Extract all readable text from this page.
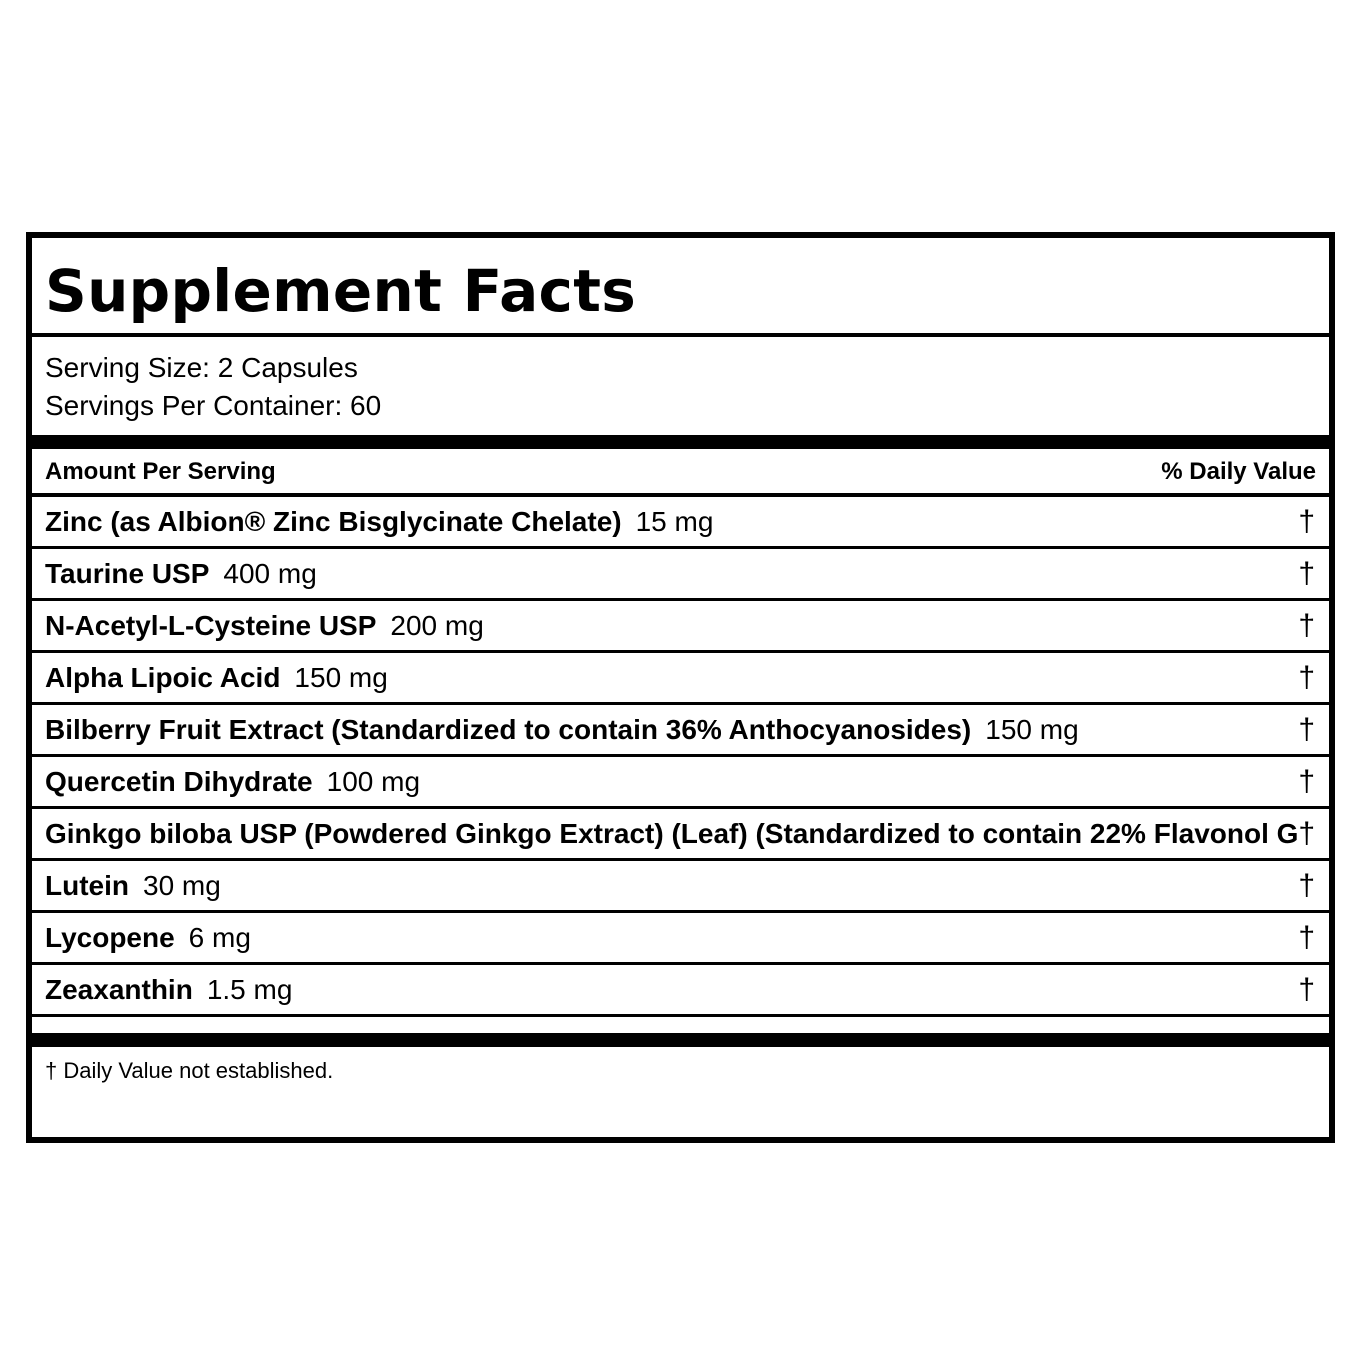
Supplement Facts
Serving Size: 2 Capsules
Servings Per Container: 60
Amount Per Serving	% Daily Value
Zinc (as Albion® Zinc Bisglycinate Chelate) 15 mg	†
Taurine USP 400 mg	†
N-Acetyl-L-Cysteine USP 200 mg	†
Alpha Lipoic Acid 150 mg	†
Bilberry Fruit Extract (Standardized to contain 36% Anthocyanosides) 150 mg	†
Quercetin Dihydrate 100 mg	†
Ginkgo biloba USP (Powdered Ginkgo Extract) (Leaf) (Standardized to contain 22% Flavonol G †
Lutein 30 mg	†
Lycopene 6 mg	†
Zeaxanthin 1.5 mg	†
† Daily Value not established.
